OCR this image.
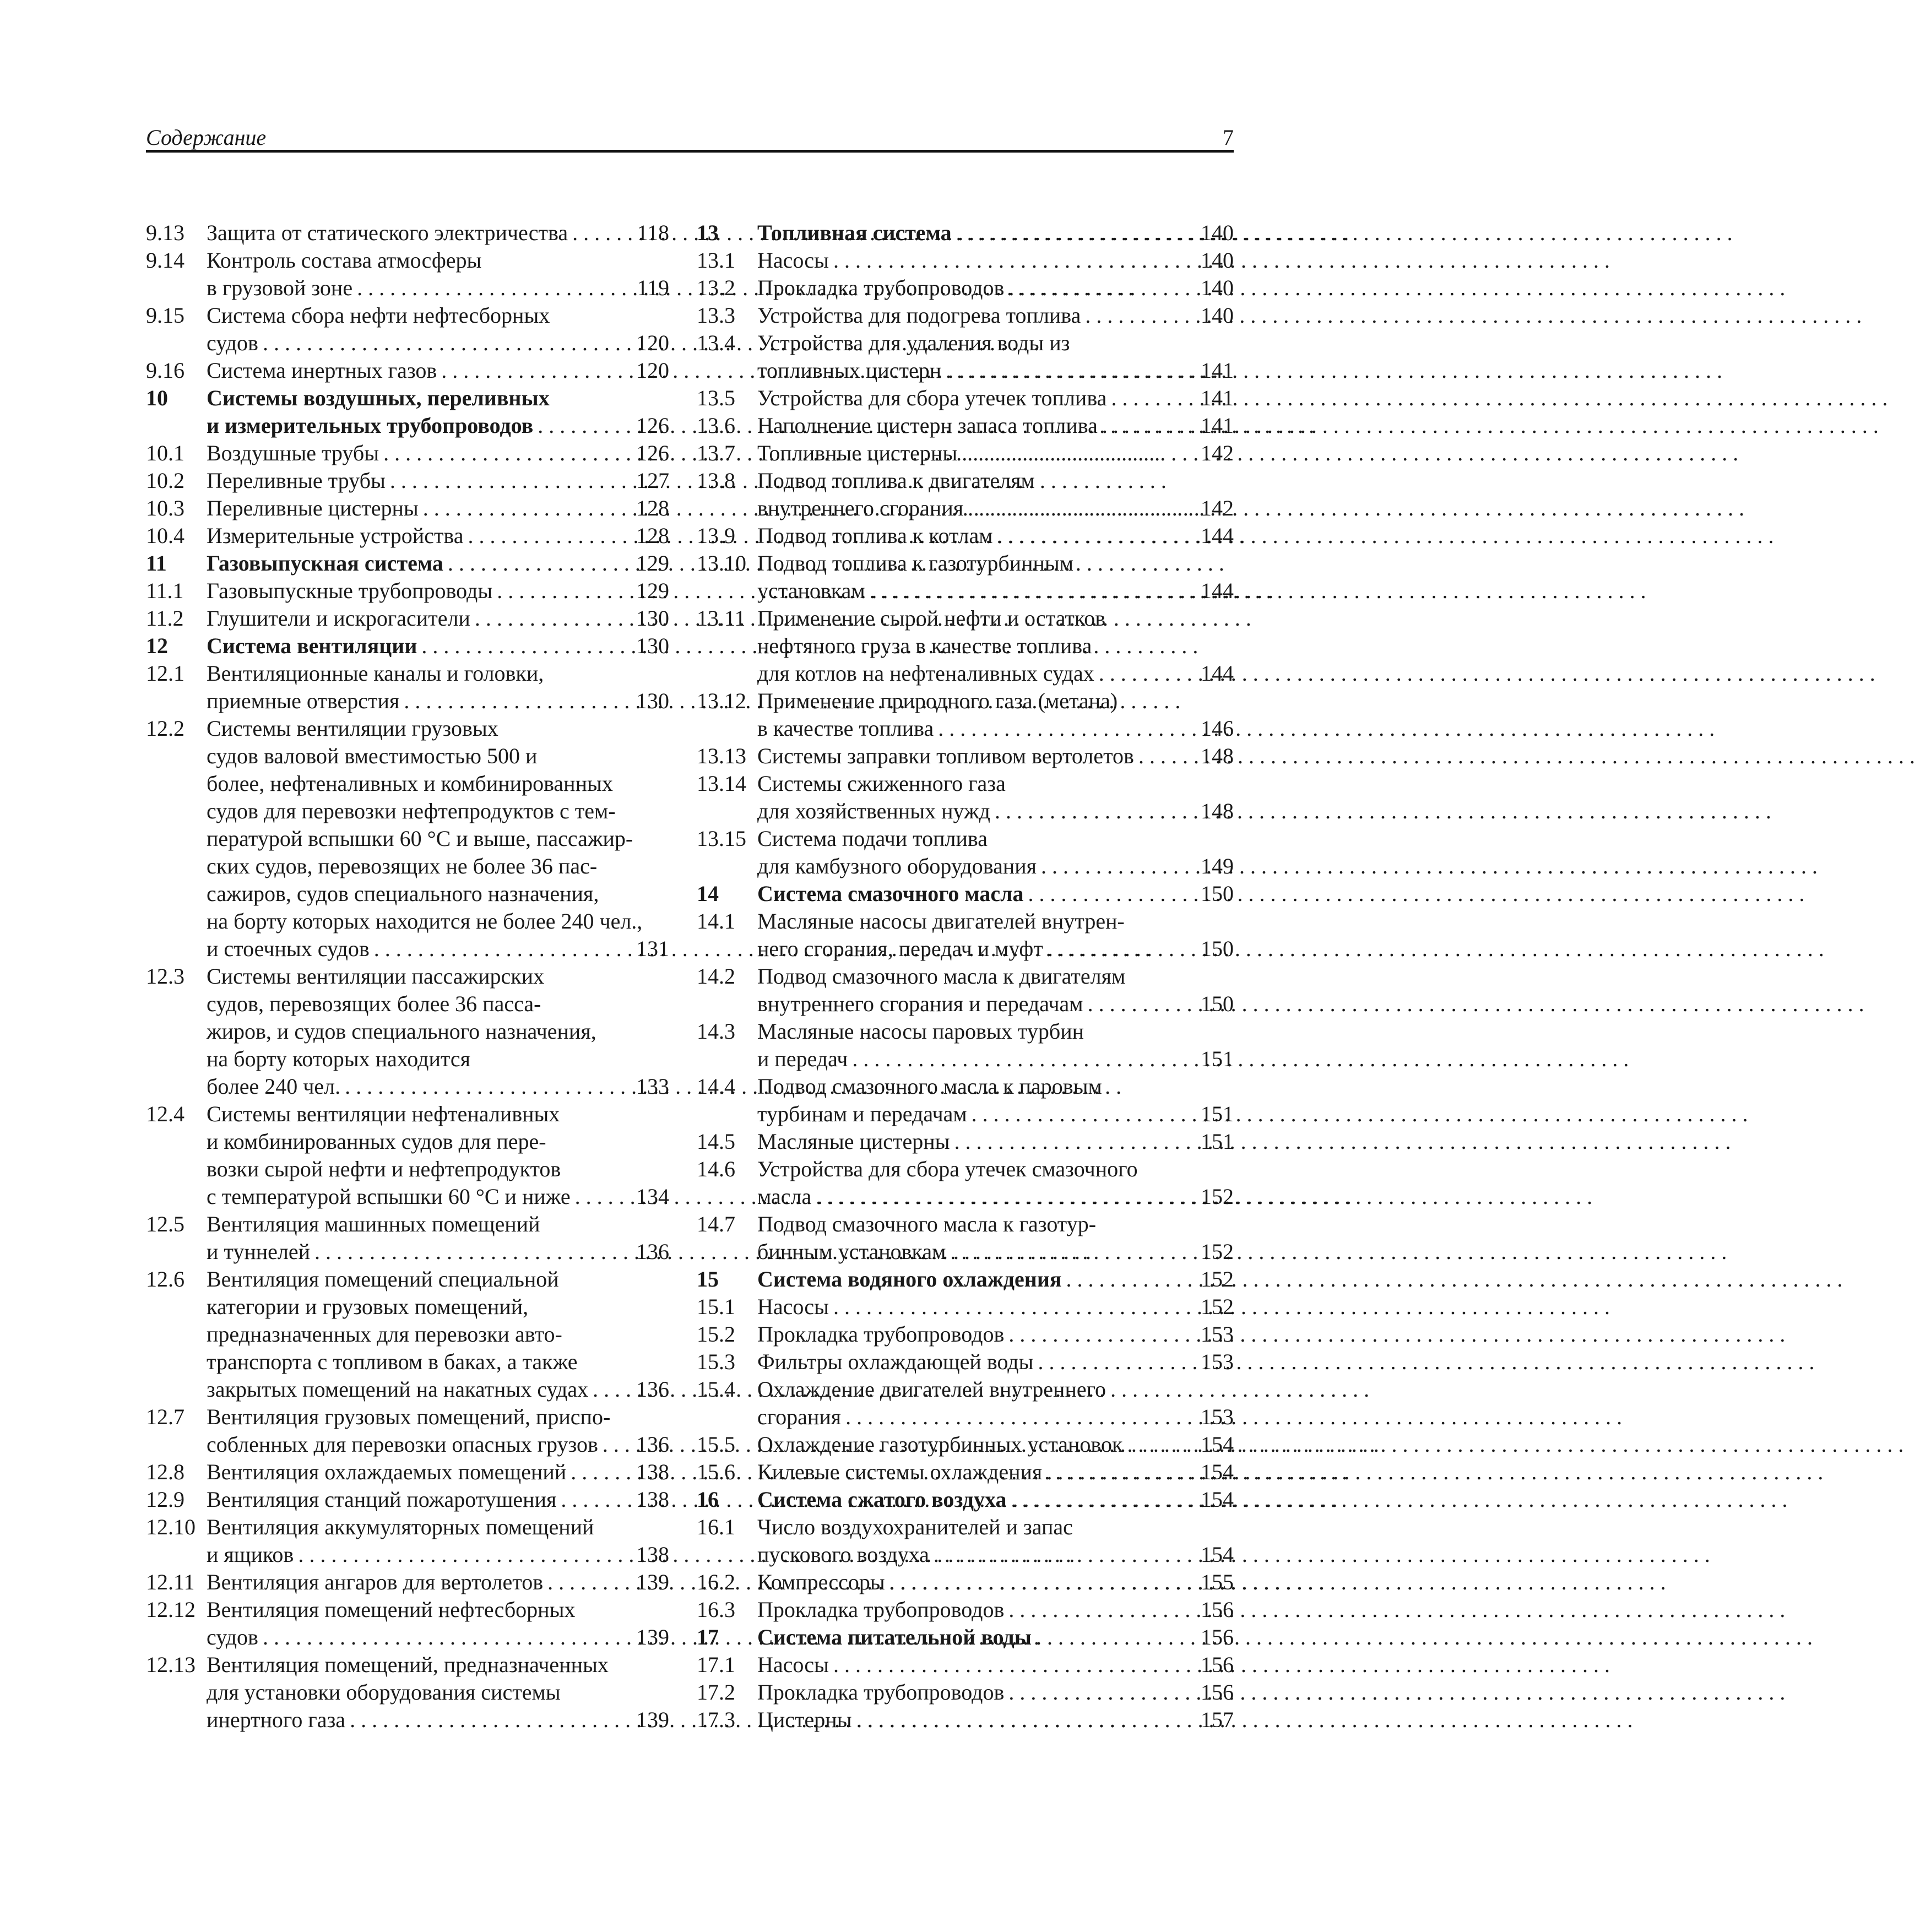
Содержание	7
9.13	Защита от статического электричества . . .	118
9.14	Контроль состава атмосферы
в грузовой зоне . . .	119
9.15	Система сбора нефти нефтесборных
судов . . .	120
9.16	Система инертных газов . . .	120
10	Системы воздушных, переливных
и измерительных трубопроводов . . .	126
10.1	Воздушные трубы . . .	126
10.2	Переливные трубы . . .	127
10.3	Переливные цистерны . . .	128
10.4	Измерительные устройства . . .	128
11	Газовыпускная система . . .	129
11.1	Газовыпускные трубопроводы . . .	129
11.2	Глушители и искрогасители . . .	130
12	Система вентиляции . . .	130
12.1	Вентиляционные каналы и головки,
приемные отверстия . . .	130
12.2	Системы вентиляции грузовых
судов валовой вместимостью 500 и
более, нефтеналивных и комбинированных
судов для перевозки нефтепродуктов с тем-
пературой вспышки 60 °С и выше, пассажир-
ских судов, перевозящих не более 36 пас-
сажиров, судов специального назначения,
на борту которых находится не более 240 чел.,
и стоечных судов . . .	131
12.3	Системы вентиляции пассажирских
судов, перевозящих более 36 пасса-
жиров, и судов специального назначения,
на борту которых находится
более 240 чел. . . .	133
12.4	Системы вентиляции нефтеналивных
и комбинированных судов для пере-
возки сырой нефти и нефтепродуктов
с температурой вспышки 60 °С и ниже . . .	134
12.5	Вентиляция машинных помещений
и туннелей . . .	136
12.6	Вентиляция помещений специальной
категории и грузовых помещений,
предназначенных для перевозки авто-
транспорта с топливом в баках, а также
закрытых помещений на накатных судах . . .	136
12.7	Вентиляция грузовых помещений, приспо-
собленных для перевозки опасных грузов . . .	136
12.8	Вентиляция охлаждаемых помещений . . .	138
12.9	Вентиляция станций пожаротушения . . .	138
12.10 Вентиляция аккумуляторных помещений
и ящиков . . .	138
12.11 Вентиляция ангаров для вертолетов . . .	139
12.12 Вентиляция помещений нефтесборных
судов . . .	139
12.13 Вентиляция помещений, предназначенных
для установки оборудования системы
инертного газа . . .	139
13	Топливная система . . .	140
13.1	Насосы . . .	140
13.2	Прокладка трубопроводов . . .	140
13.3	Устройства для подогрева топлива . . .	140
13.4	Устройства для удаления воды из
топливных цистерн . . .	141
13.5	Устройства для сбора утечек топлива . . .	141
13.6	Наполнение цистерн запаса топлива . . .	141
13.7	Топливные цистерны . . .	142
13.8	Подвод топлива к двигателям
внутреннего сгорания . . .	142
13.9	Подвод топлива к котлам . . .	144
13.10 Подвод топлива к газотурбинным
установкам . . .	144
13.11 Применение сырой нефти и остатков
нефтяного груза в качестве топлива
для котлов на нефтеналивных судах . . .	144
13.12 Применение природного газа (метана)
в качестве топлива . . .	146
13.13 Системы заправки топливом вертолетов . . .	148
13.14 Системы сжиженного газа
для хозяйственных нужд . . .	148
13.15 Система подачи топлива
для камбузного оборудования . . .	149
14	Система смазочного масла . . .	150
14.1	Масляные насосы двигателей внутрен-
него сгорания, передач и муфт . . .	150
14.2	Подвод смазочного масла к двигателям
внутреннего сгорания и передачам . . .	150
14.3	Масляные насосы паровых турбин
и передач . . .	151
14.4	Подвод смазочного масла к паровым
турбинам и передачам . . .	151
14.5	Масляные цистерны . . .	151
14.6	Устройства для сбора утечек смазочного
масла . . .	152
14.7	Подвод смазочного масла к газотур-
бинным установкам . . .	152
15	Система водяного охлаждения . . .	152
15.1	Насосы . . .	152
15.2	Прокладка трубопроводов . . .	153
15.3	Фильтры охлаждающей воды . . .	153
15.4	Охлаждение двигателей внутреннего
сгорания . . .	153
15.5	Охлаждение газотурбинных установок . . .	154
15.6	Килевые системы охлаждения . . .	154
16	Система сжатого воздуха . . .	154
16.1	Число воздухохранителей и запас
пускового воздуха . . .	154
16.2	Компрессоры . . .	155
16.3	Прокладка трубопроводов . . .	156
17	Система питательной воды . . .	156
17.1	Насосы . . .	156
17.2	Прокладка трубопроводов . . .	156
17.3	Цистерны . . .	157
